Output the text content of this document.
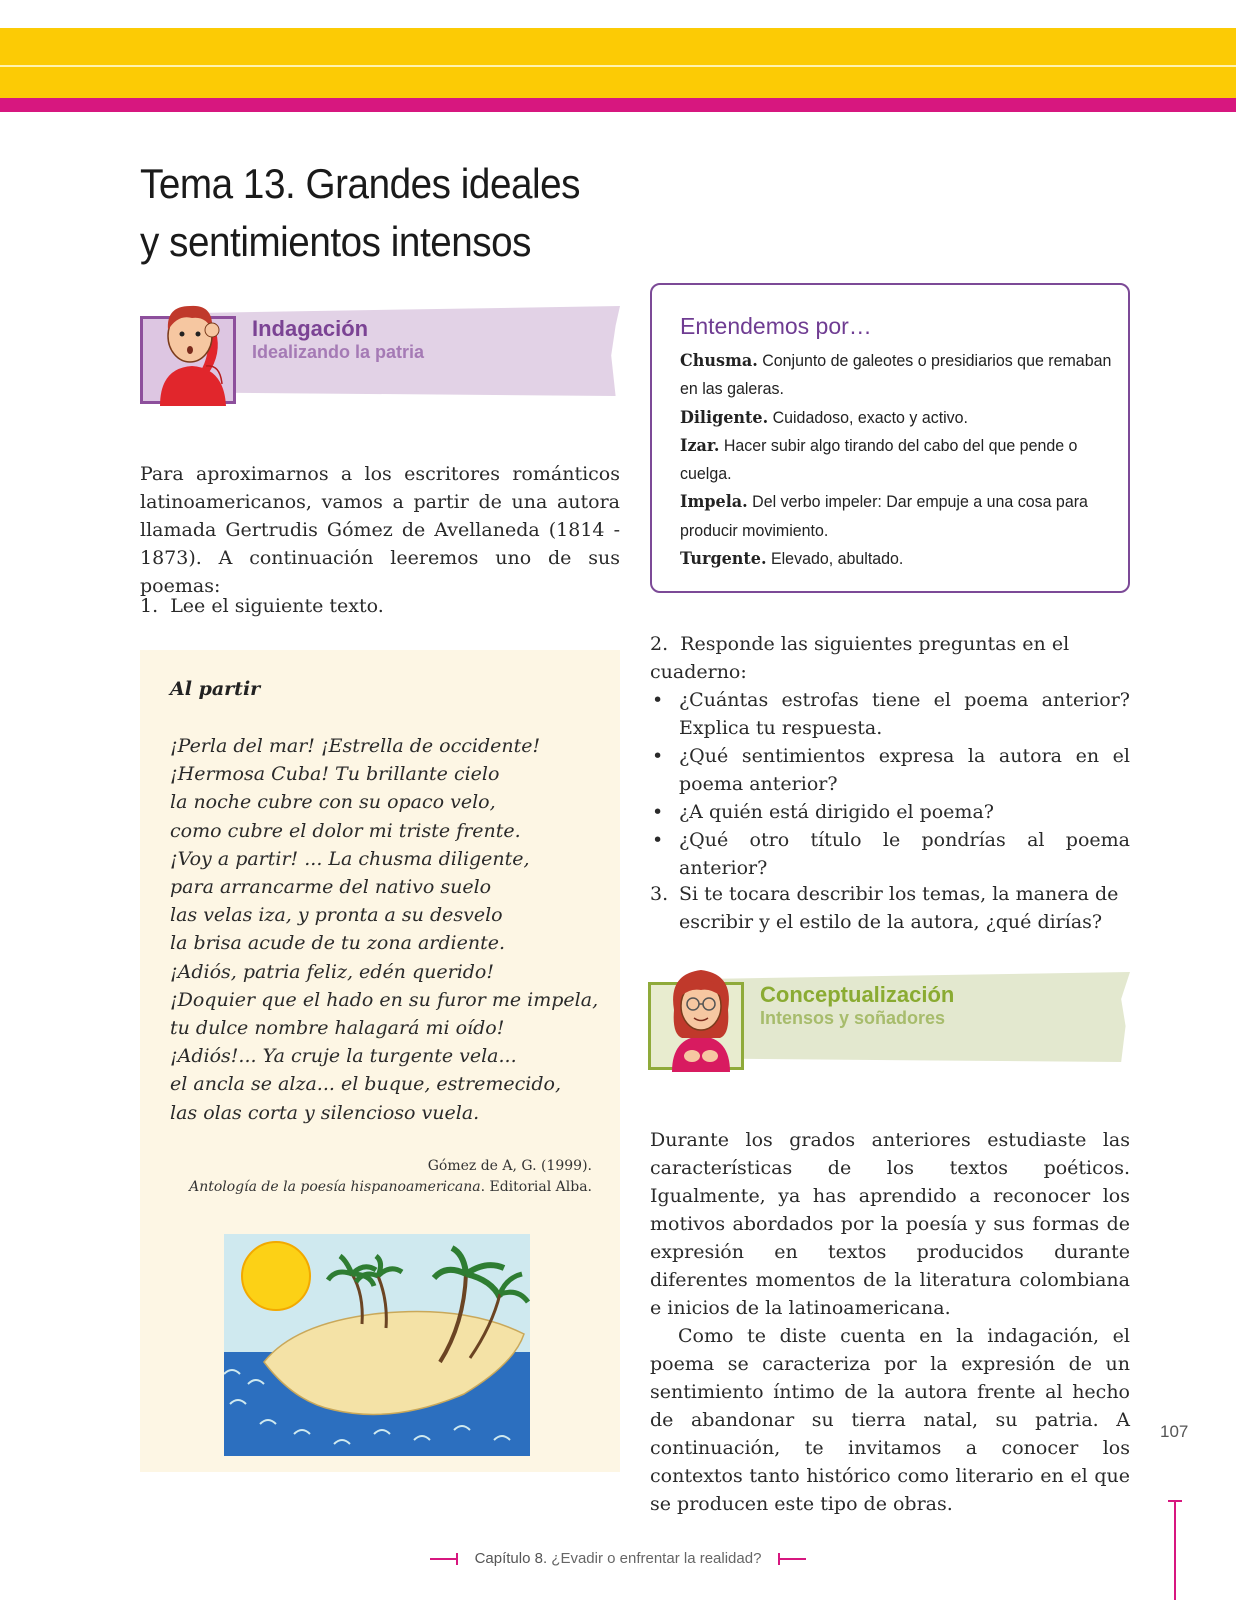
Tema 13. Grandes ideales
y sentimientos intensos
Indagación
Idealizando la patria
Para aproximarnos a los escritores románticos latinoamericanos, vamos a partir de una autora llamada Gertrudis Gómez de Avellaneda (1814 - 1873). A continuación leeremos uno de sus poemas:
1. Lee el siguiente texto.
Al partir
¡Perla del mar! ¡Estrella de occidente!
¡Hermosa Cuba! Tu brillante cielo
la noche cubre con su opaco velo,
como cubre el dolor mi triste frente.
¡Voy a partir! ... La chusma diligente,
para arrancarme del nativo suelo
las velas iza, y pronta a su desvelo
la brisa acude de tu zona ardiente.
¡Adiós, patria feliz, edén querido!
¡Doquier que el hado en su furor me impela,
tu dulce nombre halagará mi oído!
¡Adiós!... Ya cruje la turgente vela...
el ancla se alza... el buque, estremecido,
las olas corta y silencioso vuela.
Gómez de A, G. (1999).
Antología de la poesía hispanoamericana. Editorial Alba.
Entendemos por…
Chusma. Conjunto de galeotes o presidiarios que remaban en las galeras.
Diligente. Cuidadoso, exacto y activo.
Izar. Hacer subir algo tirando del cabo del que pende o cuelga.
Impela. Del verbo impeler: Dar empuje a una cosa para producir movimiento.
Turgente. Elevado, abultado.
2. Responde las siguientes preguntas en el cuaderno:
• ¿Cuántas estrofas tiene el poema anterior? Explica tu respuesta.
• ¿Qué sentimientos expresa la autora en el poema anterior?
• ¿A quién está dirigido el poema?
• ¿Qué otro título le pondrías al poema anterior?
3. Si te tocara describir los temas, la manera de escribir y el estilo de la autora, ¿qué dirías?
Conceptualización
Intensos y soñadores

Durante los grados anteriores estudiaste las características de los textos poéticos. Igualmente, ya has aprendido a reconocer los motivos abordados por la poesía y sus formas de expresión en textos producidos durante diferentes momentos de la literatura colombiana e inicios de la latinoamericana.

Como te diste cuenta en la indagación, el poema se caracteriza por la expresión de un sentimiento íntimo de la autora frente al hecho de abandonar su tierra natal, su patria. A continuación, te invitamos a conocer los contextos tanto histórico como literario en el que se producen este tipo de obras.

107
Capítulo 8. ¿Evadir o enfrentar la realidad?
